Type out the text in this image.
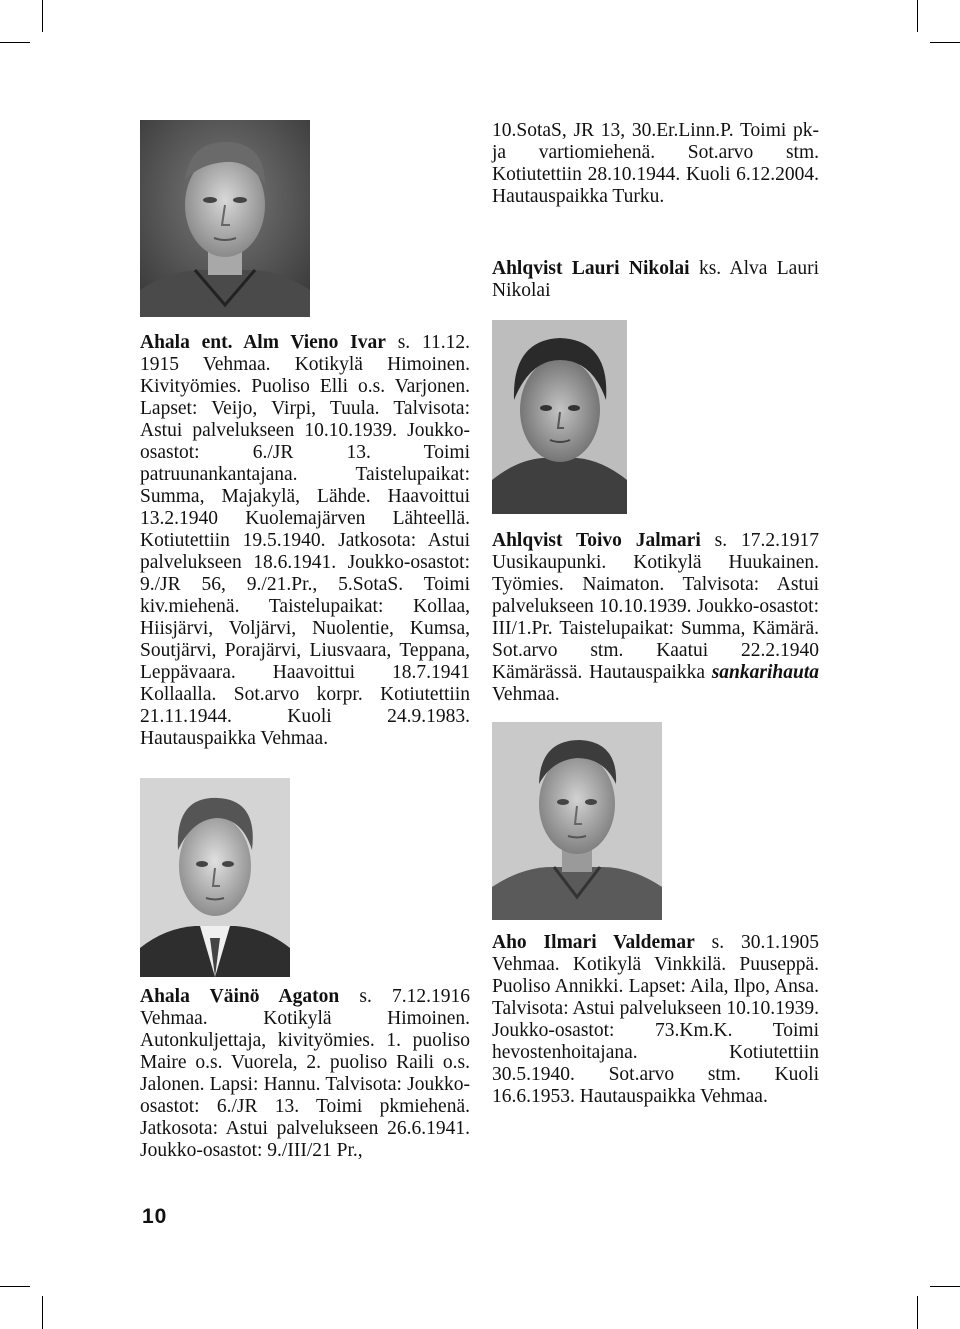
10.SotaS, JR 13, 30.Er.Linn.P. Toimi pk- ja vartiomiehenä. Sot.arvo stm. Kotiutettiin 28.10.1944. Kuoli 6.12.2004. Hautauspaikka Turku.

Ahlqvist Lauri Nikolai ks. Alva Lauri Nikolai

Ahala ent. Alm Vieno Ivar s. 11.12. 1915 Vehmaa. Kotikylä Himoinen. Kivityömies. Puoliso Elli o.s. Varjonen. Lapset: Veijo, Virpi, Tuula. Talvisota: Astui palvelukseen 10.10.1939. Joukko-osastot: 6./JR 13. Toimi patruunankantajana. Taistelupaikat: Summa, Majakylä, Lähde. Haavoittui 13.2.1940 Kuolemajärven Lähteellä. Kotiutettiin 19.5.1940. Jatkosota: Astui palvelukseen 18.6.1941. Joukko-osastot: 9./JR 56, 9./21.Pr., 5.SotaS. Toimi kiv.miehenä. Taistelupaikat: Kollaa, Hiisjärvi, Voljärvi, Nuolentie, Kumsa, Soutjärvi, Porajärvi, Liusvaara, Teppana, Leppävaara. Haavoittui 18.7.1941 Kollaalla. Sot.arvo korpr. Kotiutettiin 21.11.1944. Kuoli 24.9.1983. Hautauspaikka Vehmaa.

Ahlqvist Toivo Jalmari s. 17.2.1917 Uusikaupunki. Kotikylä Huukainen. Työmies. Naimaton. Talvisota: Astui palvelukseen 10.10.1939. Joukko-osastot: III/1.Pr. Taistelupaikat: Summa, Kämärä. Sot.arvo stm. Kaatui 22.2.1940 Kämärässä. Hautauspaikka sankarihauta Vehmaa.

Aho Ilmari Valdemar s. 30.1.1905 Vehmaa. Kotikylä Vinkkilä. Puuseppä. Puoliso Annikki. Lapset: Aila, Ilpo, Ansa. Talvisota: Astui palvelukseen 10.10.1939. Joukko-osastot: 73.Km.K. Toimi hevostenhoitajana. Kotiutettiin 30.5.1940. Sot.arvo stm. Kuoli 16.6.1953. Hautauspaikka Vehmaa.

Ahala Väinö Agaton s. 7.12.1916 Vehmaa. Kotikylä Himoinen. Autonkuljettaja, kivityömies. 1. puoliso Maire o.s. Vuorela, 2. puoliso Raili o.s. Jalonen. Lapsi: Hannu. Talvisota: Joukko-osastot: 6./JR 13. Toimi pkmiehenä. Jatkosota: Astui palvelukseen 26.6.1941. Joukko-osastot: 9./III/21 Pr.,

10
